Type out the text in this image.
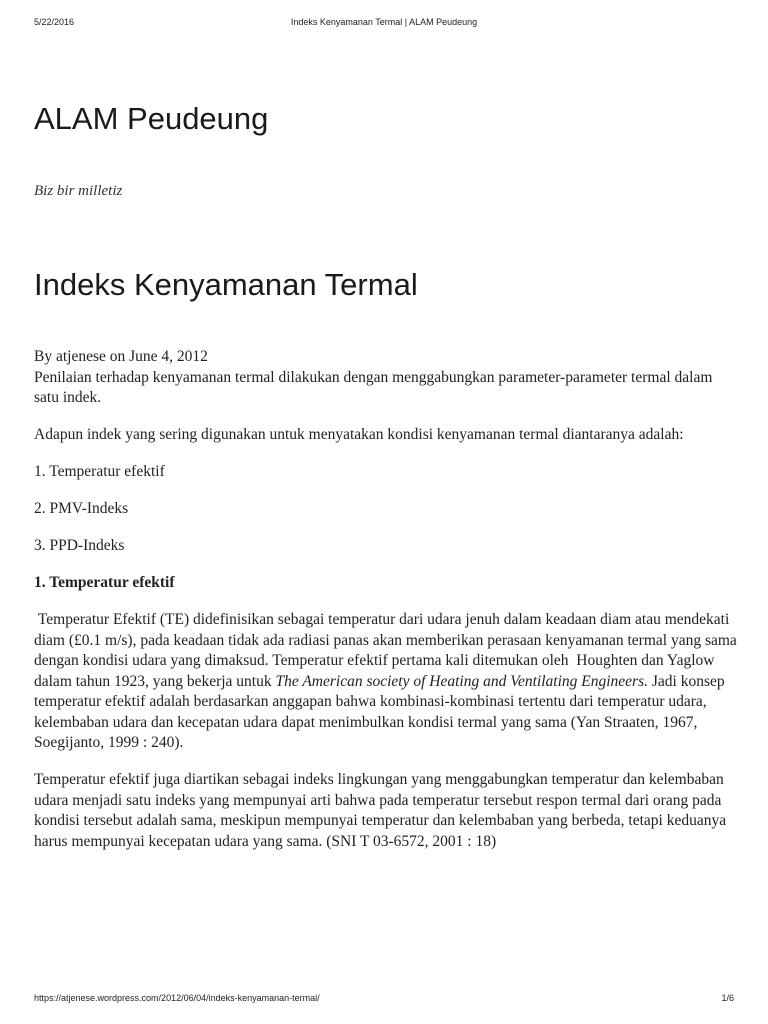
5/22/2016	Indeks Kenyamanan Termal | ALAM Peudeung
ALAM Peudeung
Biz bir milletiz
Indeks Kenyamanan Termal

By atjenese on June 4, 2012

Penilaian terhadap kenyamanan termal dilakukan dengan menggabungkan parameter-parameter termal dalam satu indek.

Adapun indek yang sering digunakan untuk menyatakan kondisi kenyamanan termal diantaranya adalah:

1. Temperatur efektif

2. PMV-Indeks

3. PPD-Indeks

1. Temperatur efektif

Temperatur Efektif (TE) didefinisikan sebagai temperatur dari udara jenuh dalam keadaan diam atau mendekati diam (£0.1 m/s), pada keadaan tidak ada radiasi panas akan memberikan perasaan kenyamanan termal yang sama dengan kondisi udara yang dimaksud. Temperatur efektif pertama kali ditemukan oleh  Houghten dan Yaglow dalam tahun 1923, yang bekerja untuk The American society of Heating and Ventilating Engineers. Jadi konsep temperatur efektif adalah berdasarkan anggapan bahwa kombinasi-kombinasi tertentu dari temperatur udara, kelembaban udara dan kecepatan udara dapat menimbulkan kondisi termal yang sama (Yan Straaten, 1967, Soegijanto, 1999 : 240).

Temperatur efektif juga diartikan sebagai indeks lingkungan yang menggabungkan temperatur dan kelembaban udara menjadi satu indeks yang mempunyai arti bahwa pada temperatur tersebut respon termal dari orang pada kondisi tersebut adalah sama, meskipun mempunyai temperatur dan kelembaban yang berbeda, tetapi keduanya harus mempunyai kecepatan udara yang sama. (SNI T 03-6572, 2001 : 18)

https://atjenese.wordpress.com/2012/06/04/indeks-kenyamanan-termal/	1/6
